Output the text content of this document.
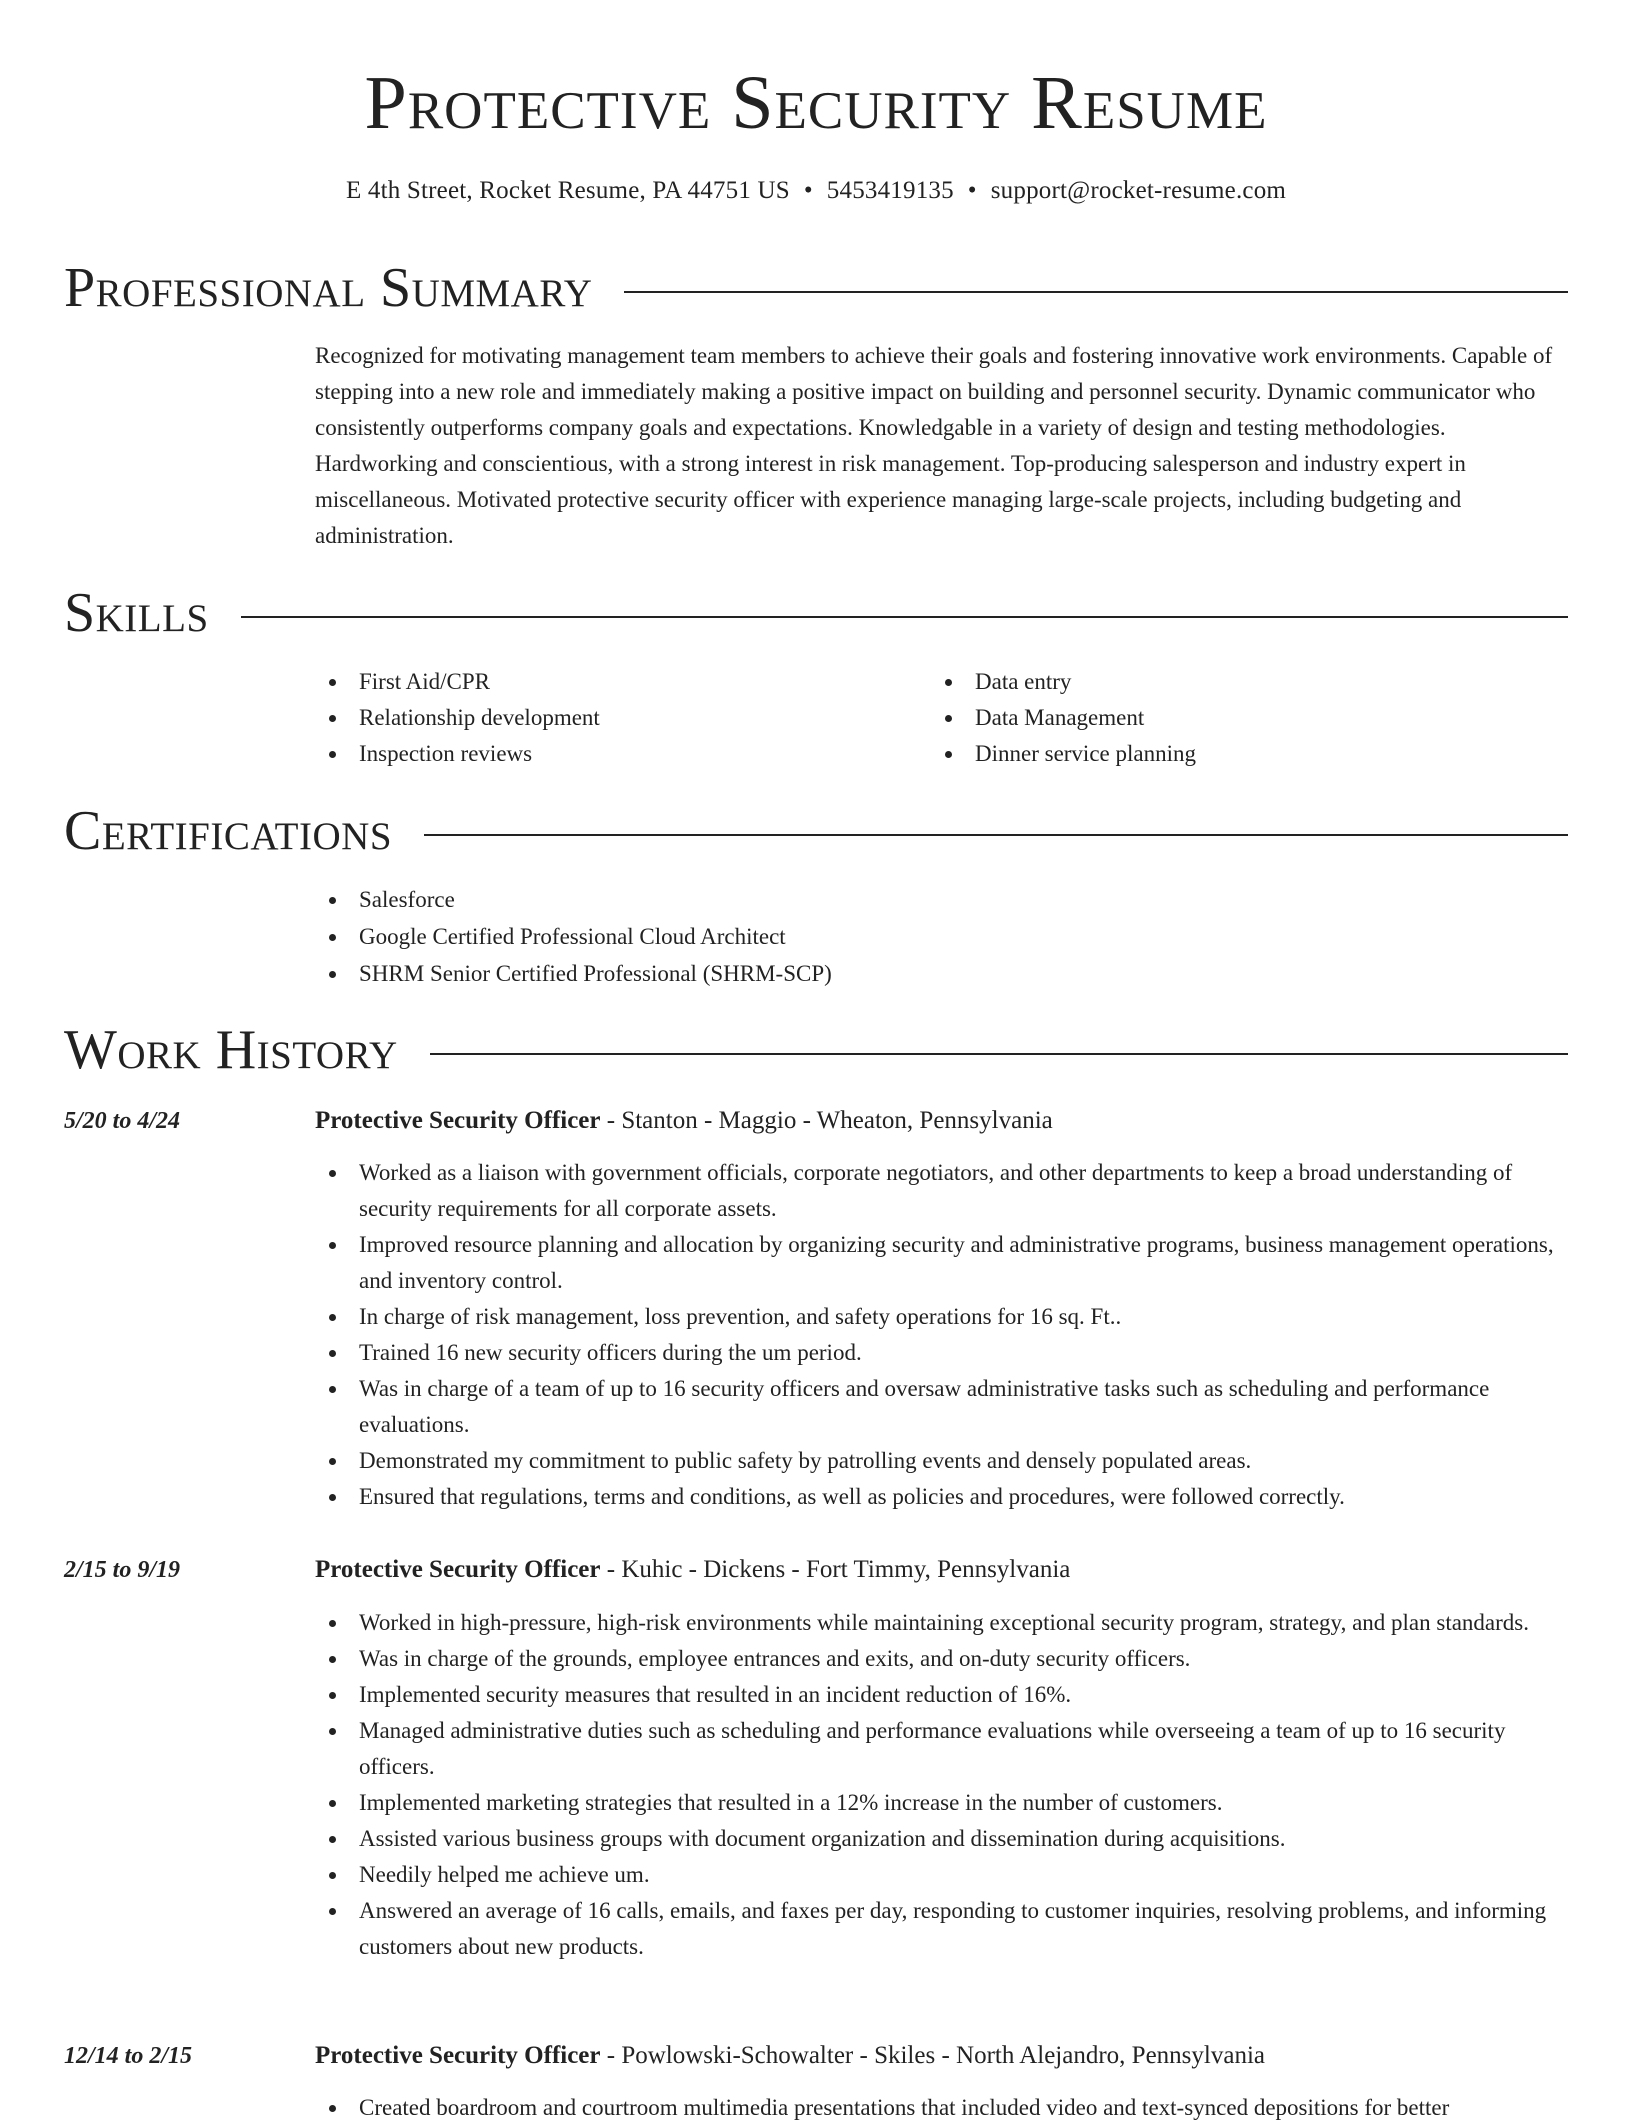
Protective Security Resume
E 4th Street, Rocket Resume, PA 44751 US • 5453419135 • support@rocket-resume.com
Professional Summary

Recognized for motivating management team members to achieve their goals and fostering innovative work environments. Capable of stepping into a new role and immediately making a positive impact on building and personnel security. Dynamic communicator who consistently outperforms company goals and expectations. Knowledgable in a variety of design and testing methodologies. Hardworking and conscientious, with a strong interest in risk management. Top-producing salesperson and industry expert in miscellaneous. Motivated protective security officer with experience managing large-scale projects, including budgeting and administration.

Skills
First Aid/CPR
Relationship development
Inspection reviews
Data entry
Data Management
Dinner service planning
Certifications
Salesforce
Google Certified Professional Cloud Architect
SHRM Senior Certified Professional (SHRM-SCP)
Work History
5/20 to 4/24	Protective Security Officer - Stanton - Maggio - Wheaton, Pennsylvania
Worked as a liaison with government officials, corporate negotiators, and other departments to keep a broad understanding of security requirements for all corporate assets.
Improved resource planning and allocation by organizing security and administrative programs, business management operations, and inventory control.
In charge of risk management, loss prevention, and safety operations for 16 sq. Ft..
Trained 16 new security officers during the um period.
Was in charge of a team of up to 16 security officers and oversaw administrative tasks such as scheduling and performance evaluations.
Demonstrated my commitment to public safety by patrolling events and densely populated areas.
Ensured that regulations, terms and conditions, as well as policies and procedures, were followed correctly.
2/15 to 9/19	Protective Security Officer - Kuhic - Dickens - Fort Timmy, Pennsylvania
Worked in high-pressure, high-risk environments while maintaining exceptional security program, strategy, and plan standards.
Was in charge of the grounds, employee entrances and exits, and on-duty security officers.
Implemented security measures that resulted in an incident reduction of 16%.
Managed administrative duties such as scheduling and performance evaluations while overseeing a team of up to 16 security officers.
Implemented marketing strategies that resulted in a 12% increase in the number of customers.
Assisted various business groups with document organization and dissemination during acquisitions.
Needily helped me achieve um.
Answered an average of 16 calls, emails, and faxes per day, responding to customer inquiries, resolving problems, and informing customers about new products.
12/14 to 2/15	Protective Security Officer - Powlowski-Schowalter - Skiles - North Alejandro, Pennsylvania
Created boardroom and courtroom multimedia presentations that included video and text-synced depositions for better
